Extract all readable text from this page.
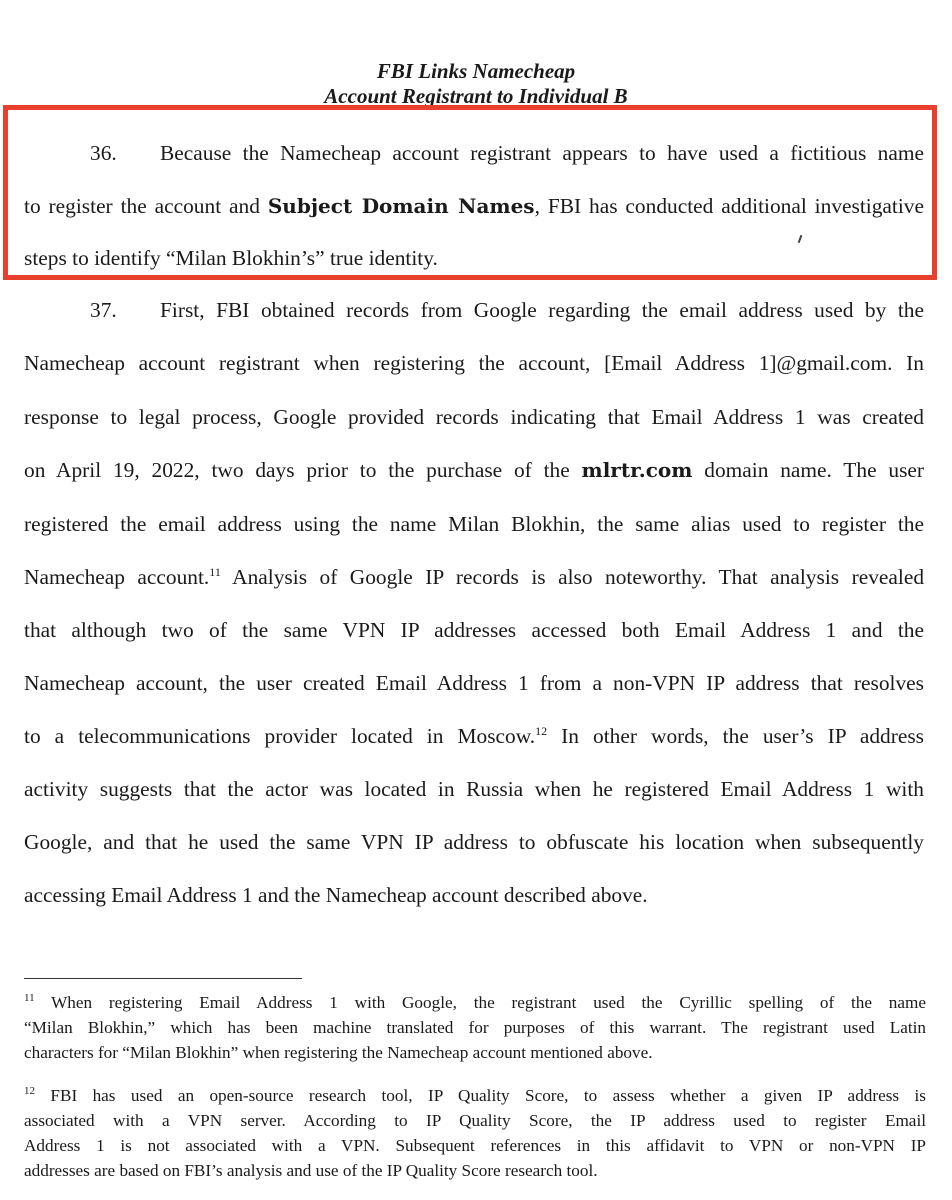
FBI Links Namecheap
Account Registrant to Individual B
36. Because the Namecheap account registrant appears to have used a fictitious name
to register the account and Subject Domain Names, FBI has conducted additional investigative
steps to identify “Milan Blokhin’s” true identity.
37. First, FBI obtained records from Google regarding the email address used by the
Namecheap account registrant when registering the account, [Email Address 1]@gmail.com. In
response to legal process, Google provided records indicating that Email Address 1 was created
on April 19, 2022, two days prior to the purchase of the mlrtr.com domain name. The user
registered the email address using the name Milan Blokhin, the same alias used to register the
Namecheap account.$^{11}$ Analysis of Google IP records is also noteworthy. That analysis revealed
that although two of the same VPN IP addresses accessed both Email Address 1 and the
Namecheap account, the user created Email Address 1 from a non-VPN IP address that resolves
to a telecommunications provider located in Moscow.$^{12}$ In other words, the user’s IP address
activity suggests that the actor was located in Russia when he registered Email Address 1 with
Google, and that he used the same VPN IP address to obfuscate his location when subsequently
accessing Email Address 1 and the Namecheap account described above.
$^{11}$ When registering Email Address 1 with Google, the registrant used the Cyrillic spelling of the name
“Milan Blokhin,” which has been machine translated for purposes of this warrant. The registrant used Latin
characters for “Milan Blokhin” when registering the Namecheap account mentioned above.
$^{12}$ FBI has used an open-source research tool, IP Quality Score, to assess whether a given IP address is
associated with a VPN server. According to IP Quality Score, the IP address used to register Email
Address 1 is not associated with a VPN. Subsequent references in this affidavit to VPN or non-VPN IP
addresses are based on FBI’s analysis and use of the IP Quality Score research tool.
